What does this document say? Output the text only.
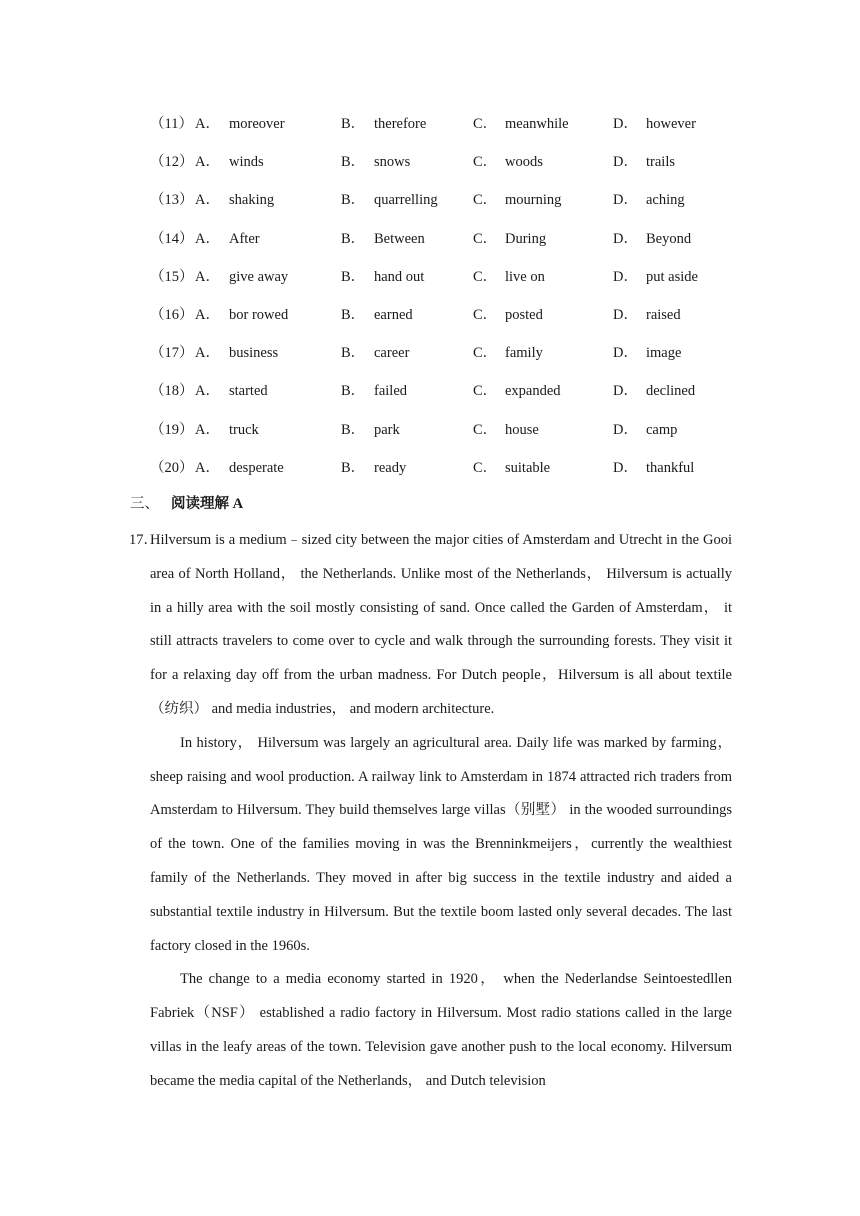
（11） A． moreover	B． therefore	C． meanwhile	D． however
（12） A． winds	B． snows	C． woods	D． trails
（13） A． shaking	B． quarrelling C． mourning	D． aching
（14） A． After	B． Between	C． During	D． Beyond
（15） A． give away	B． hand out	C． live on	D． put aside
（16） A． bor rowed	B． earned	C． posted	D． raised
（17） A． business	B． career	C． family	D． image
（18） A． started	B． failed	C． expanded	D． declined
（19） A． truck	B． park	C． house	D． camp
（20） A． desperate	B． ready	C． suitable	D． thankful
三、 阅读理解 A
17．

Hilversum is a medium﹣sized city between the major cities of Amsterdam and Utrecht in the Gooi area of North Holland， the Netherlands. Unlike most of the Netherlands， Hilversum is actually in a hilly area with the soil mostly consisting of sand. Once called the Garden of Amsterdam， it still attracts travelers to come over to cycle and walk through the surrounding forests. They visit it for a relaxing day off from the urban madness. For Dutch people，Hilversum is all about textile（纺织） and media industries， and modern architecture.

In history， Hilversum was largely an agricultural area. Daily life was marked by farming， sheep raising and wool production. A railway link to Amsterdam in 1874 attracted rich traders from Amsterdam to Hilversum. They build themselves large villas（别墅） in the wooded surroundings of the town. One of the families moving in was the Brenninkmeijers，currently the wealthiest family of the Netherlands. They moved in after big success in the textile industry and aided a substantial textile industry in Hilversum. But the textile boom lasted only several decades. The last factory closed in the 1960s.

The change to a media economy started in 1920， when the Nederlandse Seintoestedllen Fabriek（NSF） established a radio factory in Hilversum. Most radio stations called in the large villas in the leafy areas of the town. Television gave another push to the local economy. Hilversum became the media capital of the Netherlands， and Dutch television
